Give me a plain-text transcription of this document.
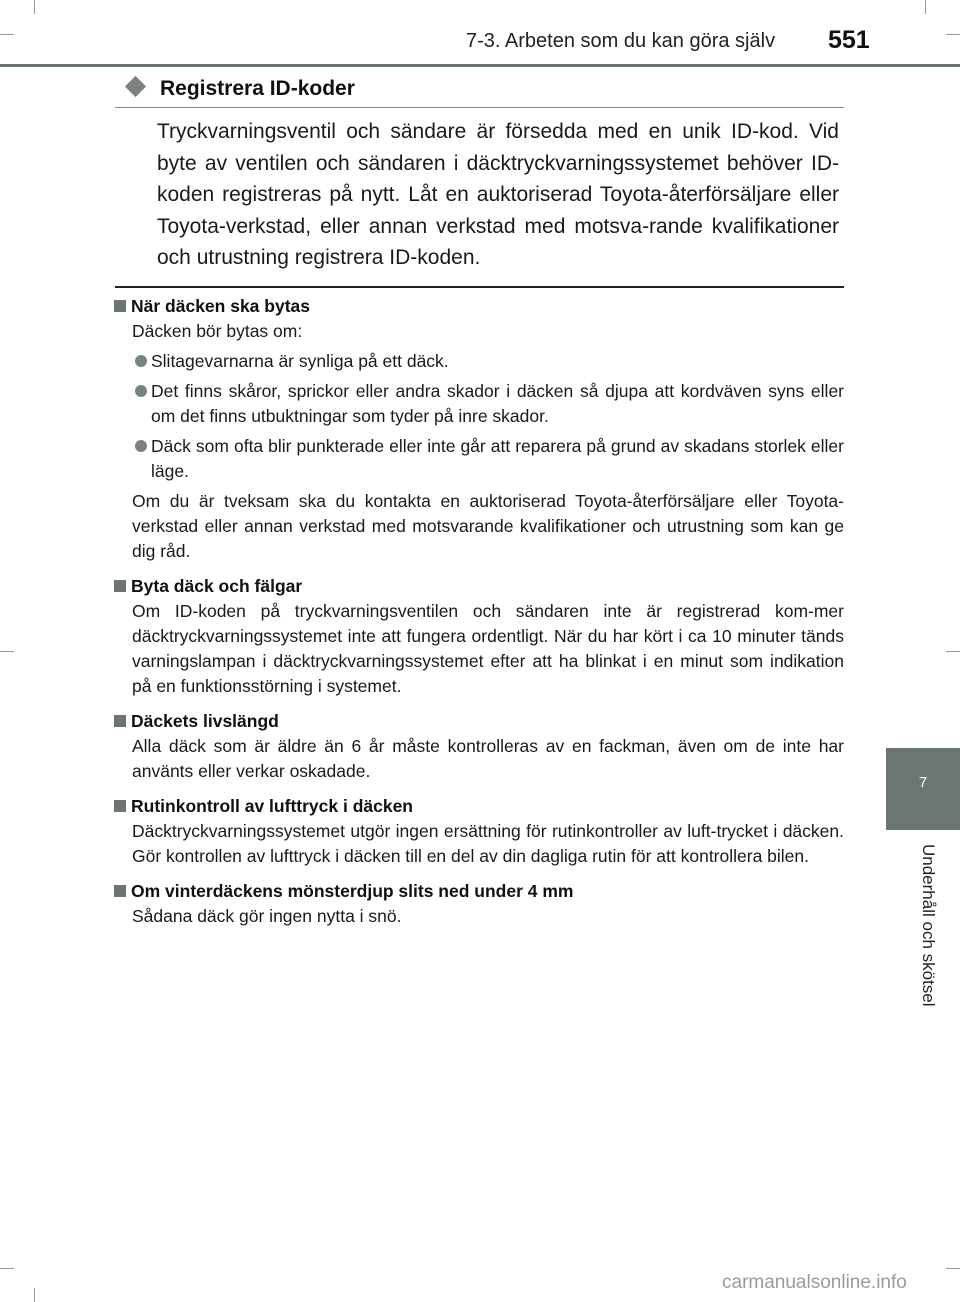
7-3. Arbeten som du kan göra själv 551
7
Underhåll och skötsel
Registrera ID-koder
Tryckvarningsventil och sändare är försedda med en unik ID-kod. Vid byte av ventilen och sändaren i däcktryckvarningssystemet behöver ID-koden registreras på nytt. Låt en auktoriserad Toyota-återförsäljare eller Toyota-verkstad, eller annan verkstad med motsva-rande kvalifikationer och utrustning registrera ID-koden.

När däcken ska bytas

Däcken bör bytas om:

Slitagevarnarna är synliga på ett däck.

Det finns skåror, sprickor eller andra skador i däcken så djupa att kordväven syns eller om det finns utbuktningar som tyder på inre skador.

Däck som ofta blir punkterade eller inte går att reparera på grund av skadans storlek eller läge.

Om du är tveksam ska du kontakta en auktoriserad Toyota-återförsäljare eller Toyota-verkstad eller annan verkstad med motsvarande kvalifikationer och utrustning som kan ge dig råd.

Byta däck och fälgar

Om ID-koden på tryckvarningsventilen och sändaren inte är registrerad kom-mer däcktryckvarningssystemet inte att fungera ordentligt. När du har kört i ca 10 minuter tänds varningslampan i däcktryckvarningssystemet efter att ha blinkat i en minut som indikation på en funktionsstörning i systemet.

Däckets livslängd

Alla däck som är äldre än 6 år måste kontrolleras av en fackman, även om de inte har använts eller verkar oskadade.

Rutinkontroll av lufttryck i däcken

Däcktryckvarningssystemet utgör ingen ersättning för rutinkontroller av luft-trycket i däcken. Gör kontrollen av lufttryck i däcken till en del av din dagliga rutin för att kontrollera bilen.

Om vinterdäckens mönsterdjup slits ned under 4 mm

Sådana däck gör ingen nytta i snö.

carmanualsonline.info
